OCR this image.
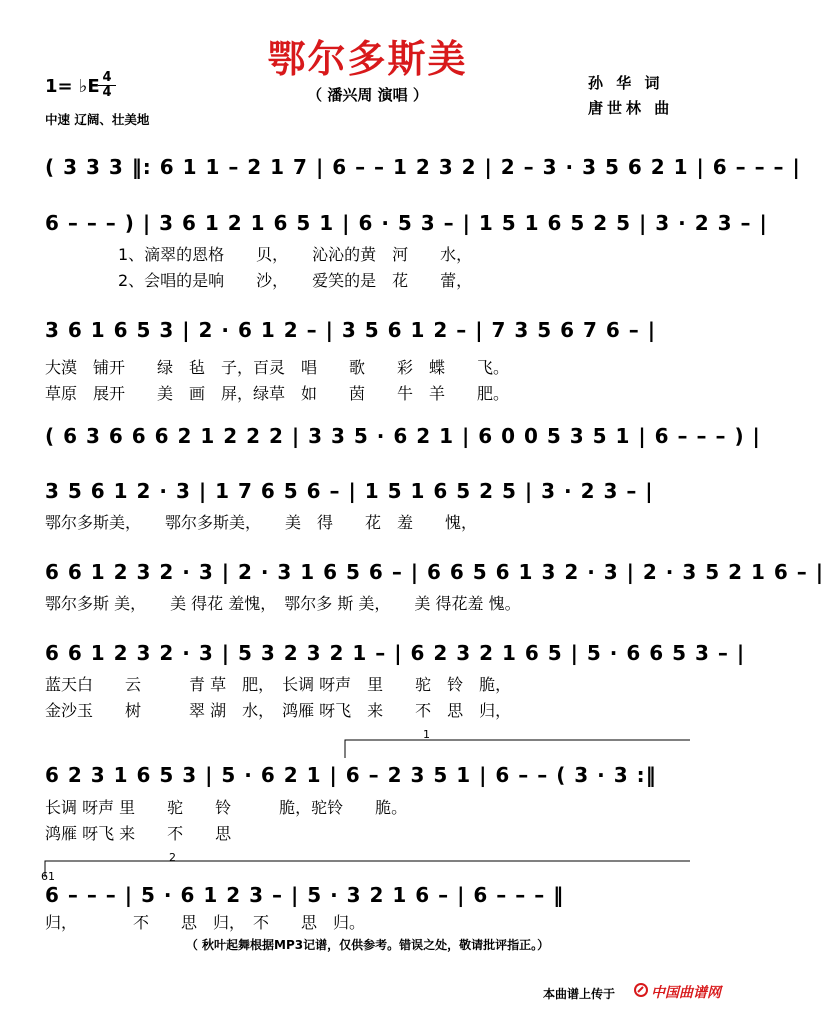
鄂尔多斯美
（ 潘兴周 演唱 ）
孙 华 词
唐世林 曲
1= ♭E 4
4
中速 辽阔、壮美地
( 3 3 3 ‖: 6 1 1 – 2 1 7 | 6 – – 1 2 3 2 | 2 – 3 · 3 5 6 2 1 | 6 – – – |
6 – – – ) | 3 6 1 2 1 6 5 1 | 6 · 5 3 – | 1 5 1 6 5 2 5 | 3 · 2 3 – |
1、滴翠的恩格　　贝，　　沁沁的黄　河　　水，
2、会唱的是响　　沙，　　爱笑的是　花　　蕾，
3 6 1 6 5 3 | 2 · 6 1 2 – | 3 5 6 1 2 – | 7 3 5 6 7 6 – |
大漠　铺开　　绿　毡　子，百灵　唱　　歌　　彩　蝶　　飞。
草原　展开　　美　画　屏，绿草　如　　茵　　牛　羊　　肥。
( 6 3 6 6 6 2 1 2 2 2 | 3 3 5 · 6 2 1 | 6 0 0 5 3 5 1 | 6 – – – ) |
3 5 6 1 2 · 3 | 1 7 6 5 6 – | 1 5 1 6 5 2 5 | 3 · 2 3 – |
鄂尔多斯美，　　鄂尔多斯美，　　美　得　　花　羞　　愧，
6 6 1 2 3 2 · 3 | 2 · 3 1 6 5 6 – | 6 6 5 6 1 3 2 · 3 | 2 · 3 5 2 1 6 – |
鄂尔多斯 美，　　美 得花 羞愧，　鄂尔多 斯 美，　　美 得花羞 愧。
6 6 1 2 3 2 · 3 | 5 3 2 3 2 1 – | 6 2 3 2 1 6 5 | 5 · 6 6 5 3 – |
蓝天白　　云　　　青 草　肥，　长调 呀声　里　　驼　铃　脆，
金沙玉　　树　　　翠 湖　水，　鸿雁 呀飞　来　　不　思　归，
1
6 2 3 1 6 5 3 | 5 · 6 2 1 | 6 – 2 3 5 1 | 6 – – ( 3 · 3 :‖
长调 呀声 里　　驼　　铃　　　脆，驼铃　　脆。
鸿雁 呀飞 来　　不　　思
2
61
6 – – – | 5 · 6 1 2 3 – | 5 · 3 2 1 6 – | 6 – – – ‖
归，　　　　不　　思　归，　不　　思　归。
（ 秋叶起舞根据MP3记谱，仅供参考。错误之处，敬请批评指正。）
本曲谱上传于	中国曲谱网
